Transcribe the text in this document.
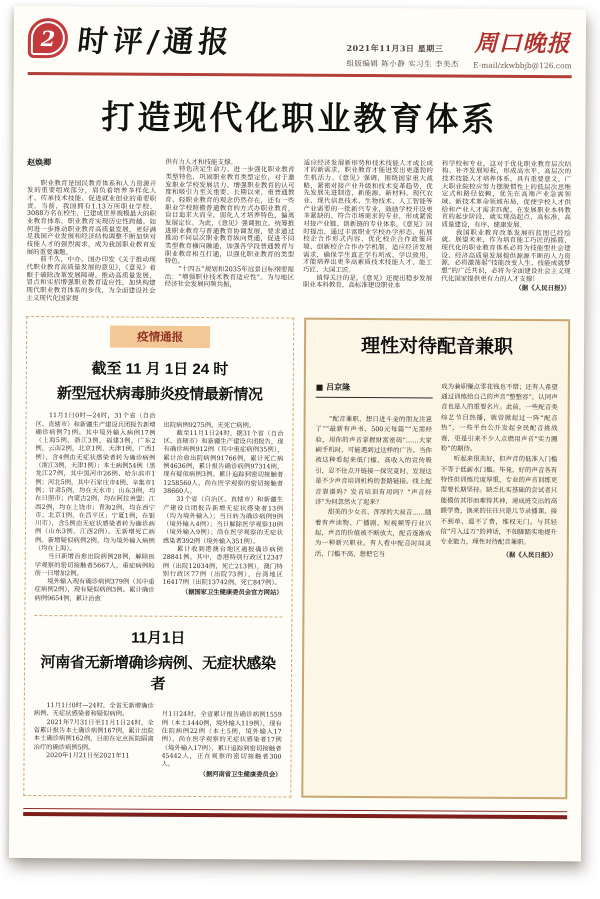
2 时评/通报	2021年11月3日 星期三
组版编辑 陈小静 实习生 李美杰
周口晚报
E-mail/zkwbbjb@126.com
打造现代化职业教育体系

赵焕卿

　　职业教育是国民教育体系和人力资源开发的重要组成部分，肩负着培养多样化人才、传承技术技能、促进就业创业的重要职责。当前，我国拥有1.13万所职业学校、3088万名在校生，已建成世界规模最大的职业教育体系，职业教育实现历史性跨越。如何进一步推动职业教育高质量发展，更好满足我国产业发展和经济结构调整不断加快对技能人才的强烈需求，成为我国职业教育发展的重要课题。
　　前不久，中办、国办印发《关于推动现代职业教育高质量发展的意见》，《意见》着眼于破除改革发展障碍、推动高质量发展，冒点和实招增强职业教育适应性，加快构建现代职业教育体系的步伐，为全面建设社会主义现代化国家提

供有力人才和技能支撑。
　　特色决定生命力。进一步强化职业教育类型特色，巩固职业教育类型定位，对于激发职业学校发展活力、增强职业教育的认可度和吸引力至关重要。长期以来，重普通教育、轻职业教育的观念仍然存在，还有一些职业学校照搬普通教育的方式办职业教育，盲目追求大而全，弱化人才培养特色，偏离发展定位。为此，《意见》强调独立，统筹推进职业教育与普通教育协调发展，要求通过推动不同层次职业教育纵向贯通，促进不同类型教育横向融通，加强各学段普通教育与职业教育相互打通，以强化职业教育的类型特色。
　　“十四五”规划和2035年远景目标纲要提出：“增强职业技术教育适应性”。为与地区经济社会发展同频共振，

适应经济发展新形势和技术技能人才成长成才的新需求，职业教育才能迸发出更蓬勃的生机活力。《意见》强调，围绕国家重大战略，紧密对接产业升级和技术变革趋势，优先发展先进制造、新能源、新材料、现代农业、现代信息技术、生物技术、人工智能等产业需要的一批新兴专业，鼓励学校开设更多紧缺的、符合市场需求的专业，形成紧密对接产业链、创新链的专业体系。《意见》同时提出，通过丰富职业学校办学形态、拓展校企合作形式内容、优化校企合作政策环境、创新校企合作办学机制，适应经济发展需求，确保学生真正学有所成、学以致用，才能培养出更多高素质技术技能人才、能工巧匠、大国工匠。
　　值得关注的是，《意见》还提出稳步发展职业本科教育，高标准建设职业本

科学校和专业，这对于优化职业教育层次结构、补齐发展短板，形成高水平、高层次的技术技能人才培养体系，具有重要意义。广大职业院校应努力摆脱惯性上的低层次思维定式和路径依赖，优先在高端产业急需领域、新技术革命领域布局，促使学校人才供给和产业人才需求匹配，在发展职业本科教育的起步阶段，就实现高起点、高标准、高质量建设，有序、健康发展。
　　我国职业教育改革发展的蓝图已经绘就。展望未来，作为培育能工巧匠的摇篮，现代化的职业教育体系必将为技能型社会建设、经济高质量发展提供源源不断的人力资源，必将激荡起“技能改变人生、技能成就梦想”的广泛共识，必将为全面建设社会主义现代化国家提供更有力的人才支撑！

（据《人民日报》）

疫情通报
截至 11 月 1日 24 时
新型冠状病毒肺炎疫情最新情况
　　11月1日0时—24时，31个省（自治区、直辖市）和新疆生产建设兵团报告新增确诊病例71例。其中境外输入病例17例（上海5例，浙江3例，福建3例，广东2例，云南2例，北京1例，天津1例，广西1例），含4例由无症状感染者转为确诊病例（浙江3例，天津1例）；本土病例54例（黑龙江27例，其中黑河市26例、哈尔滨市1例；河北5例，其中石家庄市4例、辛集市1例；甘肃5例，均在天水市；山东3例，均在日照市；内蒙古2例，均在阿拉善盟；江西2例，均在上饶市；青海2例，均在西宁市；北京1例，在昌平区；宁夏1例，在银川市），含5例由无症状感染者转为确诊病例（山东3例，江西2例）。无新增死亡病例。新增疑似病例2例，均为境外输入病例（均在上海）。
　　当日新增治愈出院病例28例，解除医学观察的密切接触者5667人，重症病例较前一日增加2例。
　　境外输入现有确诊病例379例（其中重症病例2例），现有疑似病例3例。累计确诊病例9654例，累计治愈

出院病例9275例，无死亡病例。
　　截至11月1日24时，据31个省（自治区、直辖市）和新疆生产建设兵团报告，现有确诊病例912例（其中重症病例35例），累计治愈出院病例91766例，累计死亡病例4636例，累计报告确诊病例97314例，现有疑似病例3例。累计追踪到密切接触者1258560人，尚在医学观察的密切接触者38660人。
　　31个省（自治区、直辖市）和新疆生产建设兵团报告新增无症状感染者13例（均为境外输入）；当日转为确诊病例9例（境外输入4例）；当日解除医学观察10例（境外输入9例）；尚在医学观察的无症状感染者392例（境外输入351例）。
　　累计收到港澳台地区通报确诊病例28841例。其中，香港特别行政区12347例（出院12034例，死亡213例），澳门特别行政区77例（出院73例），台湾地区16417例（出院13742例，死亡847例）。

（据国家卫生健康委员会官方网站）

11月1日
河南省无新增确诊病例、无症状感染者
　　11月1日0时—24时，全省无新增确诊病例、无症状感染者和疑似病例。
　　2021年7月31日至11月1日24时，全省累计报告本土确诊病例167例，累计出院本土确诊病例162例，目前在定点医院隔离治疗的确诊病例5例。
　　2020年1月21日至2021年11

月1日24时，全省累计报告确诊病例1559例（本土1440例，境外输入119例），现有住院病例22例（本土5例，境外输入17例），尚在医学观察的无症状感染者17例（境外输入17例），累计追踪到密切接触者45442人，正在观察的密切接触者300人。

（据河南省卫生健康委员会）

理性对待配音兼职

■ 吕京隆

　　“配音兼职，想日进斗金的朋友注意了”“最新有声书，500元每篇”“无需经验，用你的声音掌握财富密码”……大家刷手机时，可能遇到过这样的广告。当你被这种看起来低门槛、高收入的宣传吸引，忍不住点开链接一探究竟时，发现这是不少声音培训机构的套路链接。线上配音靠谱吗？发音培训有用吗？“声音经济”为何忽然火了起来？
　　甜美的少女音、浑厚的大叔音……随着有声读物、广播剧、短视频等行业兴起，声音的价值被不断放大，配音逐渐成为一种新兴职业。有人看中配音时间灵活、门槛不高，想把它当

成为兼职赚点零花钱也不错；还有人希望通过训练给自己的声音“整整容”，认同声音也是人的重要名片。此前，一些配音类综艺节目热播，就曾掀起过一阵“配音热”，一些平台公开发起全民配音挑战赛，更是引来不少人点燃用声音“实力圈粉”的期待。
　　听起来很美好，但声音的低准入门槛不等于低薪水门槛。毕竟，好的声音各有特性但训练尺度厚重，专业的声音训练更需要长期坚持。缺乏扎实基础的尝试者只能模仿其形而难得其神，速成班交出的高额学费，换来的往往只是几节录播课，接不到单、退不了费，维权无门。与其轻信“月入过万”的神话，不如脚踏实地提升专业能力，理性对待配音兼职。

（据《人民日报》）
